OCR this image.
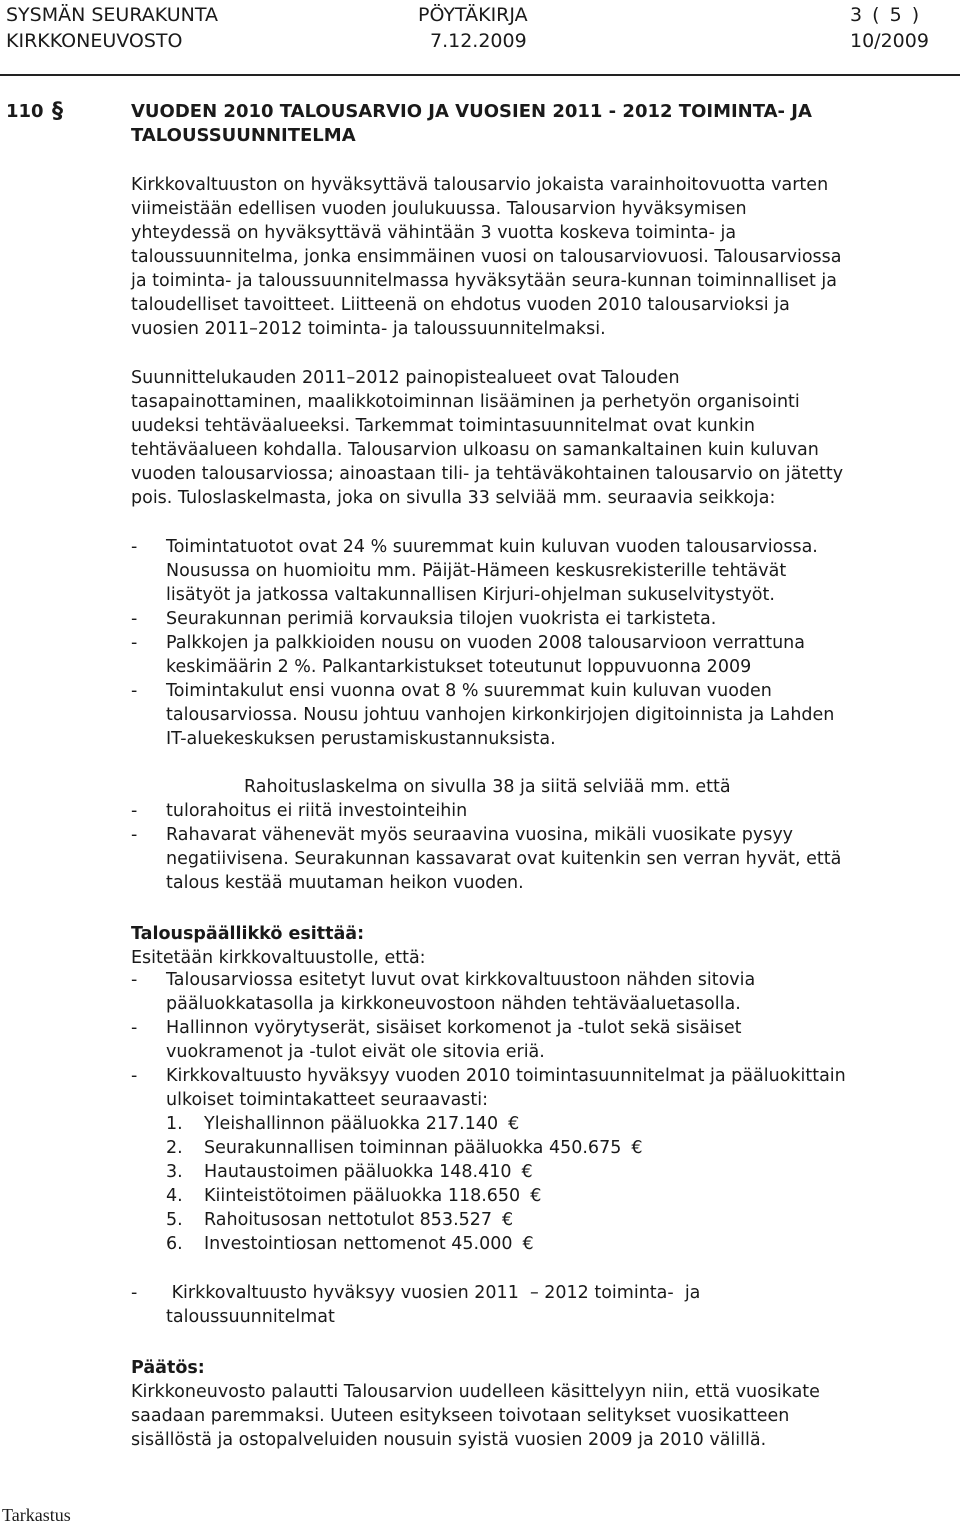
SYSMÄN SEURAKUNTA
KIRKKONEUVOSTO
PÖYTÄKIRJA
7.12.2009
3 ( 5 )
10/2009
110 §	VUODEN 2010 TALOUSARVIO JA VUOSIEN 2011 - 2012 TOIMINTA- JA
TALOUSSUUNNITELMA
Kirkkovaltuuston on hyväksyttävä talousarvio jokaista varainhoitovuotta varten
viimeistään edellisen vuoden joulukuussa. Talousarvion hyväksymisen
yhteydessä on hyväksyttävä vähintään 3 vuotta koskeva toiminta- ja
taloussuunnitelma, jonka ensimmäinen vuosi on talousarviovuosi. Talousarviossa
ja toiminta- ja taloussuunnitelmassa hyväksytään seura-kunnan toiminnalliset ja
taloudelliset tavoitteet. Liitteenä on ehdotus vuoden 2010 talousarvioksi ja
vuosien 2011–2012 toiminta- ja taloussuunnitelmaksi.
Suunnittelukauden 2011–2012 painopistealueet ovat Talouden
tasapainottaminen, maalikkotoiminnan lisääminen ja perhetyön organisointi
uudeksi tehtäväalueeksi. Tarkemmat toimintasuunnitelmat ovat kunkin
tehtäväalueen kohdalla. Talousarvion ulkoasu on samankaltainen kuin kuluvan
vuoden talousarviossa; ainoastaan tili- ja tehtäväkohtainen talousarvio on jätetty
pois. Tuloslaskelmasta, joka on sivulla 33 selviää mm. seuraavia seikkoja:
- Toimintatuotot ovat 24 % suuremmat kuin kuluvan vuoden talousarviossa.
Nousussa on huomioitu mm. Päijät-Hämeen keskusrekisterille tehtävät
lisätyöt ja jatkossa valtakunnallisen Kirjuri-ohjelman sukuselvitystyöt.
- Seurakunnan perimiä korvauksia tilojen vuokrista ei tarkisteta.
- Palkkojen ja palkkioiden nousu on vuoden 2008 talousarvioon verrattuna
keskimäärin 2 %. Palkantarkistukset toteutunut loppuvuonna 2009
- Toimintakulut ensi vuonna ovat 8 % suuremmat kuin kuluvan vuoden
talousarviossa. Nousu johtuu vanhojen kirkonkirjojen digitoinnista ja Lahden
IT-aluekeskuksen perustamiskustannuksista.
Rahoituslaskelma on sivulla 38 ja siitä selviää mm. että
- tulorahoitus ei riitä investointeihin
- Rahavarat vähenevät myös seuraavina vuosina, mikäli vuosikate pysyy
negatiivisena. Seurakunnan kassavarat ovat kuitenkin sen verran hyvät, että
talous kestää muutaman heikon vuoden.
Talouspäällikkö esittää:
Esitetään kirkkovaltuustolle, että:
- Talousarviossa esitetyt luvut ovat kirkkovaltuustoon nähden sitovia
pääluokkatasolla ja kirkkoneuvostoon nähden tehtäväaluetasolla.
- Hallinnon vyörytyserät, sisäiset korkomenot ja -tulot sekä sisäiset
vuokramenot ja -tulot eivät ole sitovia eriä.
- Kirkkovaltuusto hyväksyy vuoden 2010 toimintasuunnitelmat ja pääluokittain
ulkoiset toimintakatteet seuraavasti:
1. Yleishallinnon pääluokka 217.140 €
2. Seurakunnallisen toiminnan pääluokka 450.675 €
3. Hautaustoimen pääluokka 148.410 €
4. Kiinteistötoimen pääluokka 118.650 €
5. Rahoitusosan nettotulot 853.527 €
6. Investointiosan nettomenot 45.000 €
- Kirkkovaltuusto hyväksyy vuosien 2011  – 2012 toiminta-  ja
taloussuunnitelmat
Päätös:
Kirkkoneuvosto palautti Talousarvion uudelleen käsittelyyn niin, että vuosikate
saadaan paremmaksi. Uuteen esitykseen toivotaan selitykset vuosikatteen
sisällöstä ja ostopalveluiden nousuin syistä vuosien 2009 ja 2010 välillä.
Tarkastus
